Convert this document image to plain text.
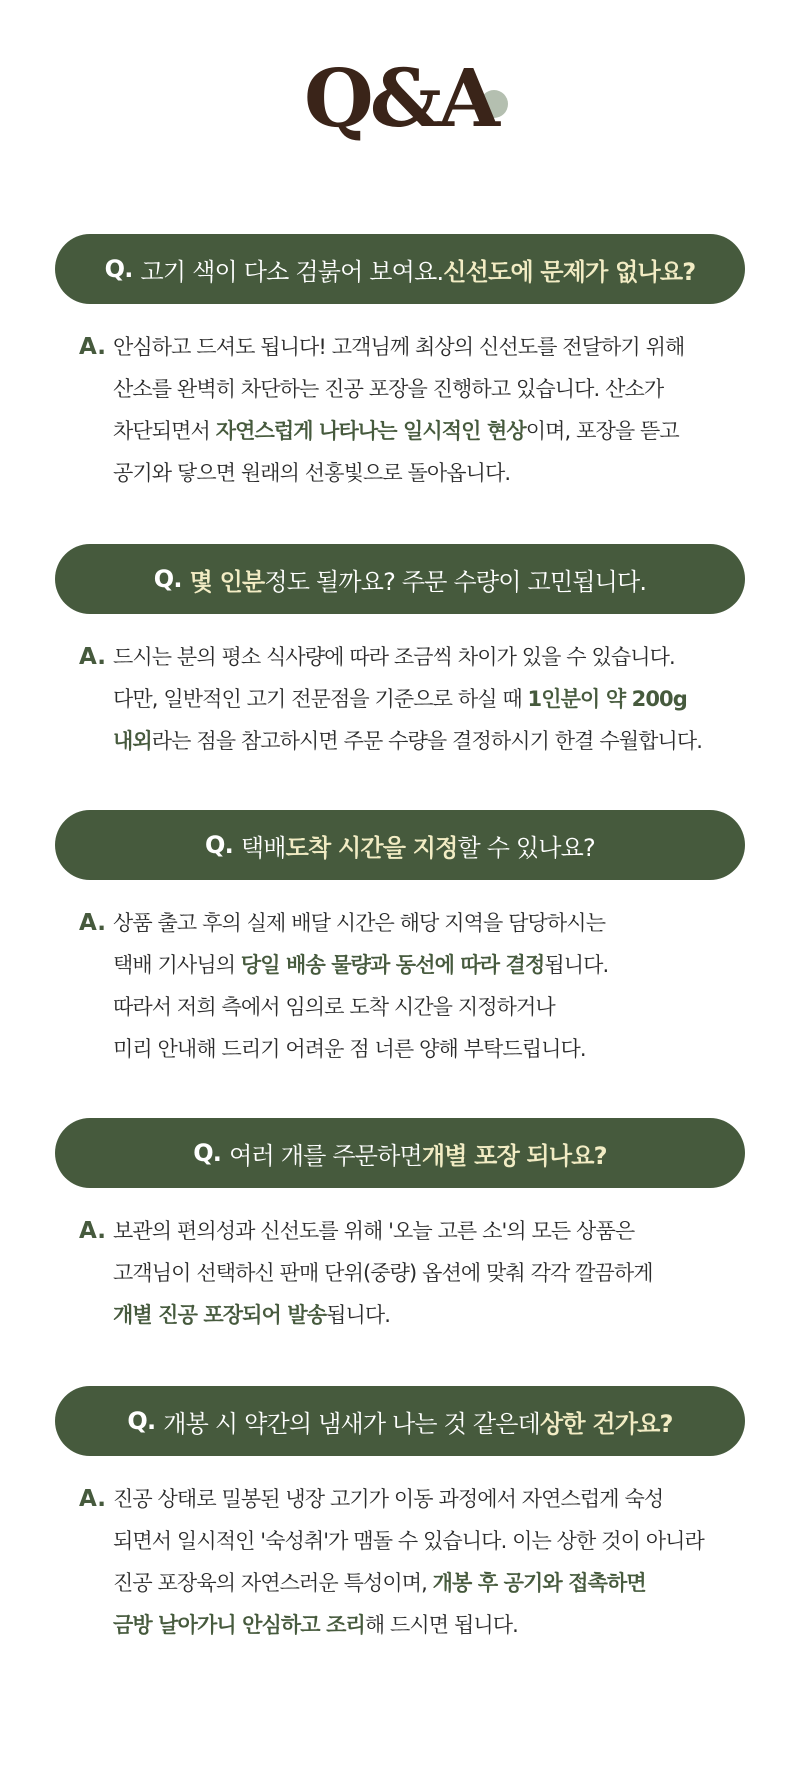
Q&A
Q. 고기 색이 다소 검붉어 보여요. 신선도에 문제가 없나요?
A. 안심하고 드셔도 됩니다! 고객님께 최상의 신선도를 전달하기 위해
산소를 완벽히 차단하는 진공 포장을 진행하고 있습니다. 산소가
차단되면서 자연스럽게 나타나는 일시적인 현상이며, 포장을 뜯고
공기와 닿으면 원래의 선홍빛으로 돌아옵니다.
Q. 몇 인분 정도 될까요? 주문 수량이 고민됩니다.
A. 드시는 분의 평소 식사량에 따라 조금씩 차이가 있을 수 있습니다.
다만, 일반적인 고기 전문점을 기준으로 하실 때 1인분이 약 200g
내외라는 점을 참고하시면 주문 수량을 결정하시기 한결 수월합니다.
Q. 택배 도착 시간을 지정 할 수 있나요?
A. 상품 출고 후의 실제 배달 시간은 해당 지역을 담당하시는
택배 기사님의 당일 배송 물량과 동선에 따라 결정됩니다.
따라서 저희 측에서 임의로 도착 시간을 지정하거나
미리 안내해 드리기 어려운 점 너른 양해 부탁드립니다.
Q. 여러 개를 주문하면 개별 포장 되나요?
A. 보관의 편의성과 신선도를 위해 '오늘 고른 소'의 모든 상품은
고객님이 선택하신 판매 단위(중량) 옵션에 맞춰 각각 깔끔하게
개별 진공 포장되어 발송됩니다.
Q. 개봉 시 약간의 냄새가 나는 것 같은데 상한 건가요?
A. 진공 상태로 밀봉된 냉장 고기가 이동 과정에서 자연스럽게 숙성
되면서 일시적인 '숙성취'가 맴돌 수 있습니다. 이는 상한 것이 아니라
진공 포장육의 자연스러운 특성이며, 개봉 후 공기와 접촉하면
금방 날아가니 안심하고 조리해 드시면 됩니다.
